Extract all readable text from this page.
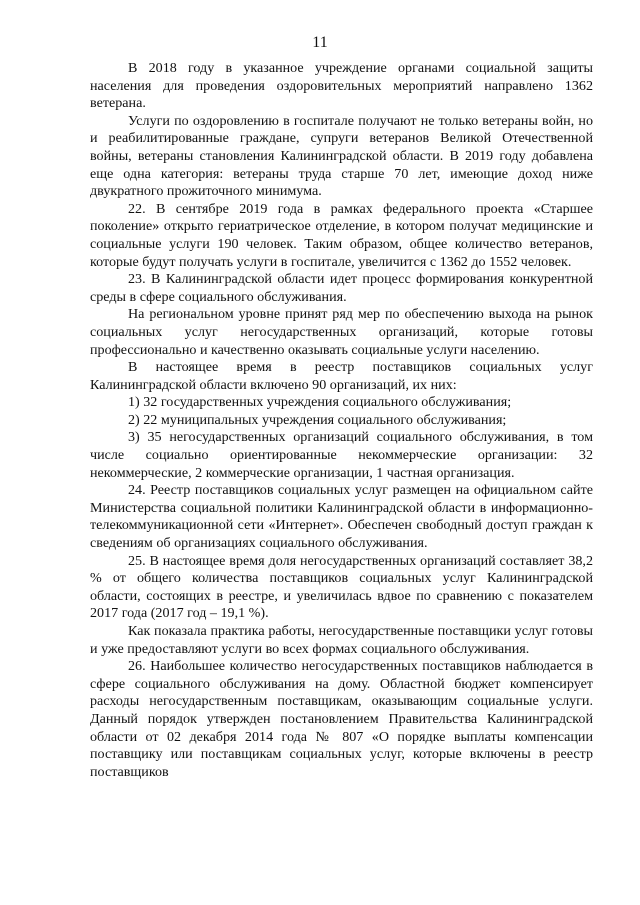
11

В 2018 году в указанное учреждение органами социальной защиты населения для проведения оздоровительных мероприятий направлено 1362 ветерана.

Услуги по оздоровлению в госпитале получают не только ветераны войн, но и реабилитированные граждане, супруги ветеранов Великой Отечественной войны, ветераны становления Калининградской области. В 2019 году добавлена еще одна категория: ветераны труда старше 70 лет, имеющие доход ниже двукратного прожиточного минимума.

22. В сентябре 2019 года в рамках федерального проекта «Старшее поколение» открыто гериатрическое отделение, в котором получат медицинские и социальные услуги 190 человек. Таким образом, общее количество ветеранов, которые будут получать услуги в госпитале, увеличится с 1362 до 1552 человек.

23. В Калининградской области идет процесс формирования конкурентной среды в сфере социального обслуживания.

На региональном уровне принят ряд мер по обеспечению выхода на рынок социальных услуг негосударственных организаций, которые готовы профессионально и качественно оказывать социальные услуги населению.

В настоящее время в реестр поставщиков социальных услуг Калининградской области включено 90 организаций, их них:

1) 32 государственных учреждения социального обслуживания;

2) 22 муниципальных учреждения социального обслуживания;

3) 35 негосударственных организаций социального обслуживания, в том числе социально ориентированные некоммерческие организации: 32 некоммерческие, 2 коммерческие организации, 1 частная организация.

24. Реестр поставщиков социальных услуг размещен на официальном сайте Министерства социальной политики Калининградской области в информационно-телекоммуникационной сети «Интернет». Обеспечен свободный доступ граждан к сведениям об организациях социального обслуживания.

25. В настоящее время доля негосударственных организаций составляет 38,2 % от общего количества поставщиков социальных услуг Калининградской области, состоящих в реестре, и увеличилась вдвое по сравнению с показателем 2017 года (2017 год – 19,1 %).

Как показала практика работы, негосударственные поставщики услуг готовы и уже предоставляют услуги во всех формах социального обслуживания.

26. Наибольшее количество негосударственных поставщиков наблюдается в сфере социального обслуживания на дому. Областной бюджет компенсирует расходы негосударственным поставщикам, оказывающим социальные услуги. Данный порядок утвержден постановлением Правительства Калининградской области от 02 декабря 2014 года № 807 «О порядке выплаты компенсации поставщику или поставщикам социальных услуг, которые включены в реестр поставщиков
